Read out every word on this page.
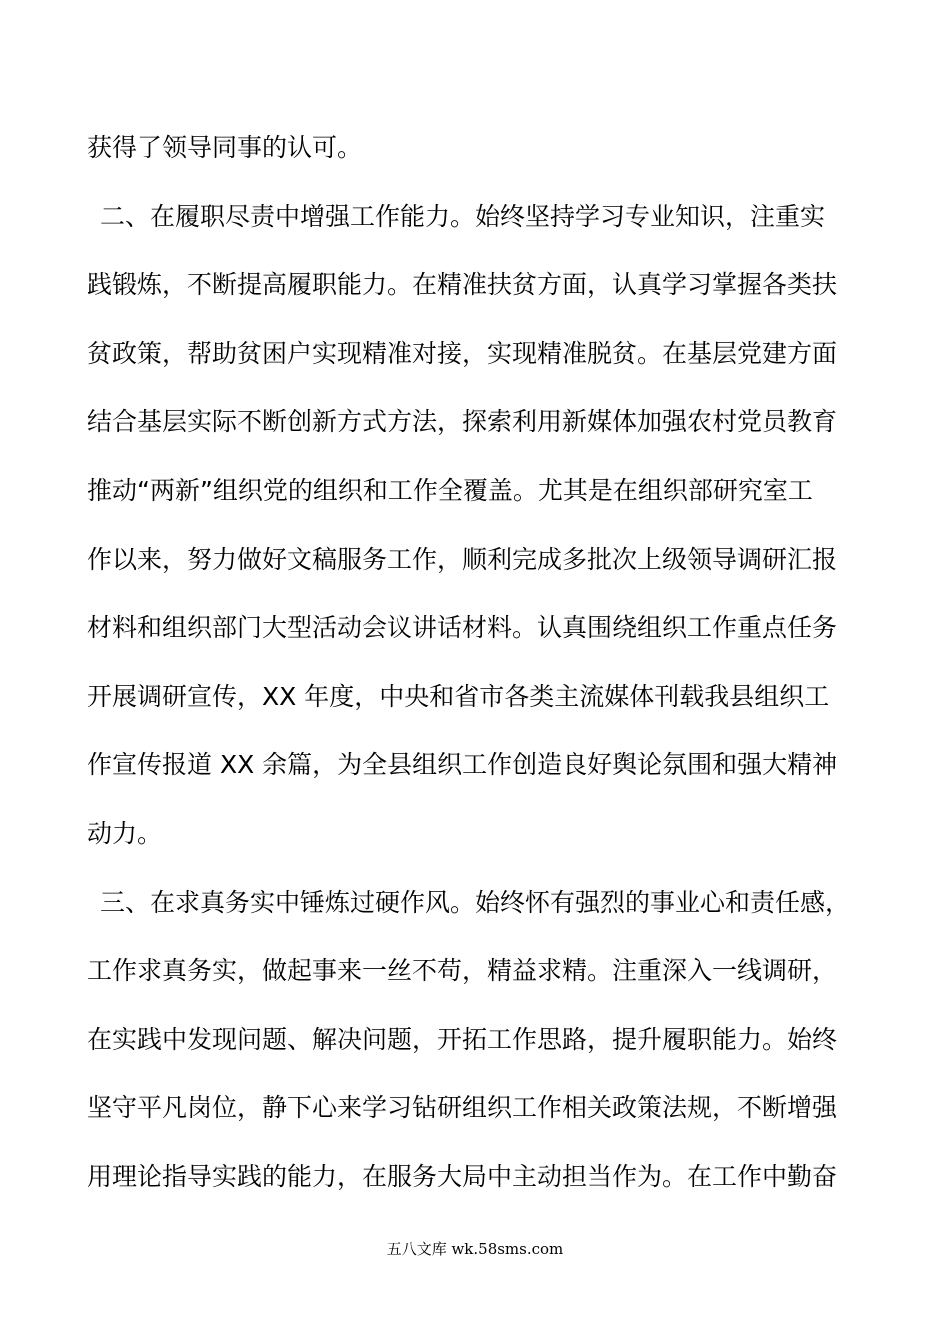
获得了领导同事的认可。
二、在履职尽责中增强工作能力。始终坚持学习专业知识，注重实
践锻炼，不断提高履职能力。在精准扶贫方面，认真学习掌握各类扶
贫政策，帮助贫困户实现精准对接，实现精准脱贫。在基层党建方面
结合基层实际不断创新方式方法，探索利用新媒体加强农村党员教育
推动“两新”组织党的组织和工作全覆盖。尤其是在组织部研究室工
作以来，努力做好文稿服务工作，顺利完成多批次上级领导调研汇报
材料和组织部门大型活动会议讲话材料。认真围绕组织工作重点任务
开展调研宣传，XX 年度，中央和省市各类主流媒体刊载我县组织工
作宣传报道 XX 余篇，为全县组织工作创造良好舆论氛围和强大精神
动力。
三、在求真务实中锤炼过硬作风。始终怀有强烈的事业心和责任感，
工作求真务实，做起事来一丝不苟，精益求精。注重深入一线调研，
在实践中发现问题、解决问题，开拓工作思路，提升履职能力。始终
坚守平凡岗位，静下心来学习钻研组织工作相关政策法规，不断增强
用理论指导实践的能力，在服务大局中主动担当作为。在工作中勤奋
五八文库 wk.58sms.com
